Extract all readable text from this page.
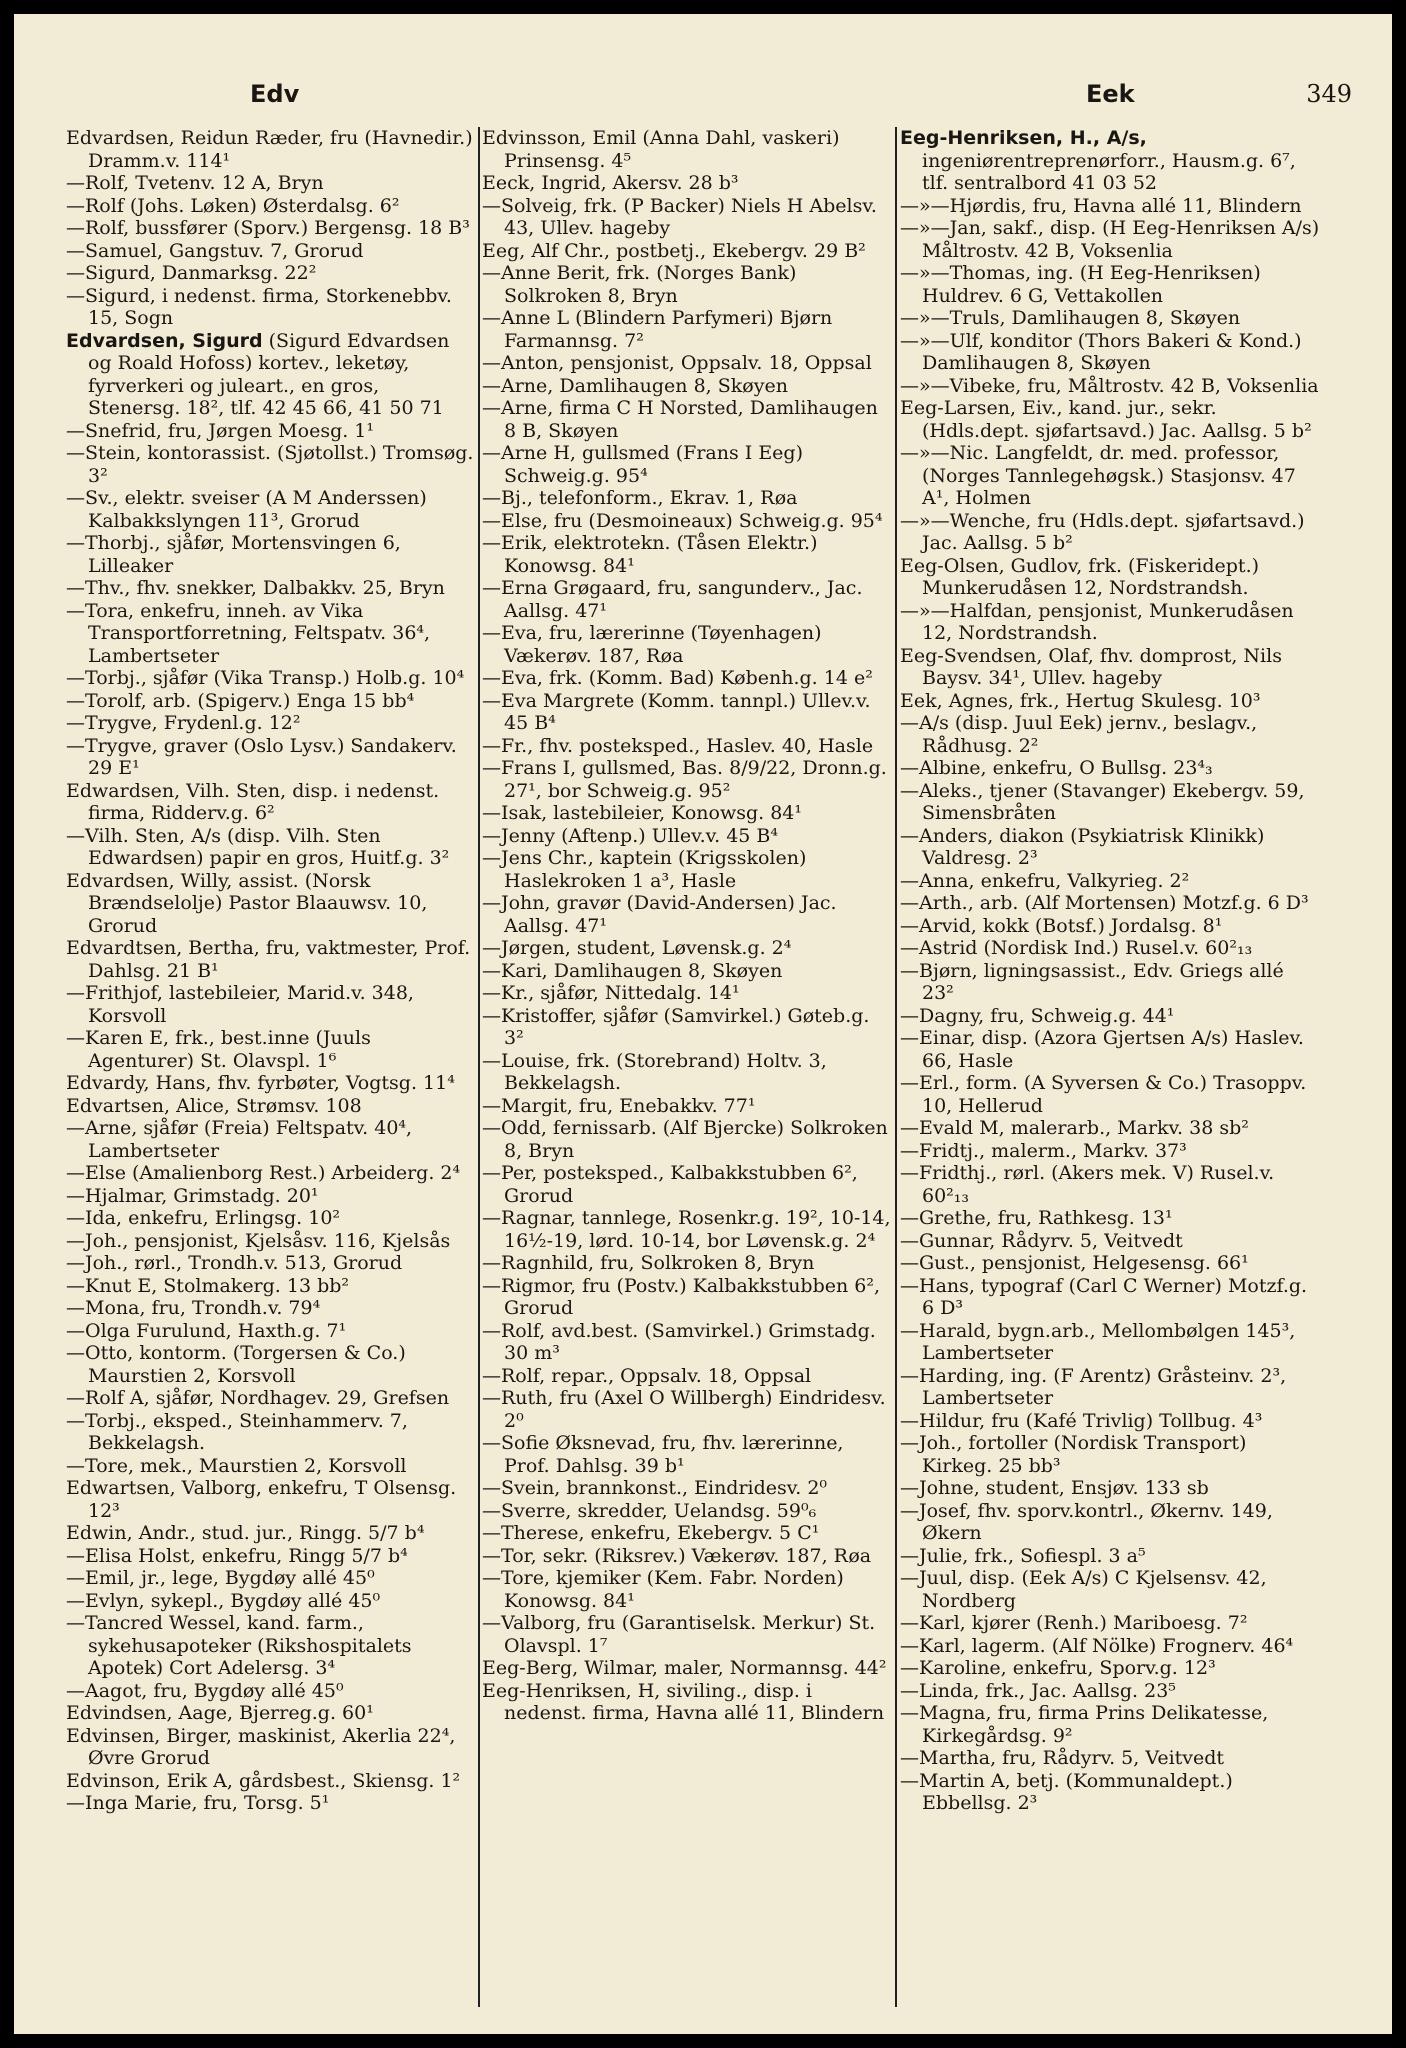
Edv	Eek	349
Edvardsen, Reidun Ræder, fru (Havnedir.) Dramm.v. 114¹
—Rolf, Tvetenv. 12 A, Bryn
—Rolf (Johs. Løken) Østerdalsg. 6²
—Rolf, bussfører (Sporv.) Bergensg. 18 B³
—Samuel, Gangstuv. 7, Grorud
—Sigurd, Danmarksg. 22²
—Sigurd, i nedenst. firma, Storkenebbv. 15, Sogn
Edvardsen, Sigurd (Sigurd Edvardsen og Roald Hofoss) kortev., leketøy, fyrverkeri og juleart., en gros, Stenersg. 18², tlf. 42 45 66, 41 50 71
—Snefrid, fru, Jørgen Moesg. 1¹
—Stein, kontorassist. (Sjøtollst.) Tromsøg. 3²
—Sv., elektr. sveiser (A M Anderssen) Kalbakkslyngen 11³, Grorud
—Thorbj., sjåfør, Mortensvingen 6, Lilleaker
—Thv., fhv. snekker, Dalbakkv. 25, Bryn
—Tora, enkefru, inneh. av Vika Transportforretning, Feltspatv. 36⁴, Lambertseter
—Torbj., sjåfør (Vika Transp.) Holb.g. 10⁴
—Torolf, arb. (Spigerv.) Enga 15 bb⁴
—Trygve, Frydenl.g. 12²
—Trygve, graver (Oslo Lysv.) Sandakerv. 29 E¹
Edwardsen, Vilh. Sten, disp. i nedenst. firma, Ridderv.g. 6²
—Vilh. Sten, A/s (disp. Vilh. Sten Edwardsen) papir en gros, Huitf.g. 3²
Edvardsen, Willy, assist. (Norsk Brændselolje) Pastor Blaauwsv. 10, Grorud
Edvardtsen, Bertha, fru, vaktmester, Prof. Dahlsg. 21 B¹
—Frithjof, lastebileier, Marid.v. 348, Korsvoll
—Karen E, frk., best.inne (Juuls Agenturer) St. Olavspl. 1⁶
Edvardy, Hans, fhv. fyrbøter, Vogtsg. 11⁴
Edvartsen, Alice, Strømsv. 108
—Arne, sjåfør (Freia) Feltspatv. 40⁴, Lambertseter
—Else (Amalienborg Rest.) Arbeiderg. 2⁴
—Hjalmar, Grimstadg. 20¹
—Ida, enkefru, Erlingsg. 10²
—Joh., pensjonist, Kjelsåsv. 116, Kjelsås
—Joh., rørl., Trondh.v. 513, Grorud
—Knut E, Stolmakerg. 13 bb²
—Mona, fru, Trondh.v. 79⁴
—Olga Furulund, Haxth.g. 7¹
—Otto, kontorm. (Torgersen & Co.) Maurstien 2, Korsvoll
—Rolf A, sjåfør, Nordhagev. 29, Grefsen
—Torbj., eksped., Steinhammerv. 7, Bekkelagsh.
—Tore, mek., Maurstien 2, Korsvoll
Edwartsen, Valborg, enkefru, T Olsensg. 12³
Edwin, Andr., stud. jur., Ringg. 5/7 b⁴
—Elisa Holst, enkefru, Ringg 5/7 b⁴
—Emil, jr., lege, Bygdøy allé 45⁰
—Evlyn, sykepl., Bygdøy allé 45⁰
—Tancred Wessel, kand. farm., sykehusapoteker (Rikshospitalets Apotek) Cort Adelersg. 3⁴
—Aagot, fru, Bygdøy allé 45⁰
Edvindsen, Aage, Bjerreg.g. 60¹
Edvinsen, Birger, maskinist, Akerlia 22⁴, Øvre Grorud
Edvinson, Erik A, gårdsbest., Skiensg. 1²
—Inga Marie, fru, Torsg. 5¹
Edvinsson, Emil (Anna Dahl, vaskeri) Prinsensg. 4⁵
Eeck, Ingrid, Akersv. 28 b³
—Solveig, frk. (P Backer) Niels H Abelsv. 43, Ullev. hageby
Eeg, Alf Chr., postbetj., Ekebergv. 29 B²
—Anne Berit, frk. (Norges Bank) Solkroken 8, Bryn
—Anne L (Blindern Parfymeri) Bjørn Farmannsg. 7²
—Anton, pensjonist, Oppsalv. 18, Oppsal
—Arne, Damlihaugen 8, Skøyen
—Arne, firma C H Norsted, Damlihaugen 8 B, Skøyen
—Arne H, gullsmed (Frans I Eeg) Schweig.g. 95⁴
—Bj., telefonform., Ekrav. 1, Røa
—Else, fru (Desmoineaux) Schweig.g. 95⁴
—Erik, elektrotekn. (Tåsen Elektr.) Konowsg. 84¹
—Erna Grøgaard, fru, sangunderv., Jac. Aallsg. 47¹
—Eva, fru, lærerinne (Tøyenhagen) Vækerøv. 187, Røa
—Eva, frk. (Komm. Bad) Københ.g. 14 e²
—Eva Margrete (Komm. tannpl.) Ullev.v. 45 B⁴
—Fr., fhv. posteksped., Haslev. 40, Hasle
—Frans I, gullsmed, Bas. 8/9/22, Dronn.g. 27¹, bor Schweig.g. 95²
—Isak, lastebileier, Konowsg. 84¹
—Jenny (Aftenp.) Ullev.v. 45 B⁴
—Jens Chr., kaptein (Krigsskolen) Haslekroken 1 a³, Hasle
—John, gravør (David-Andersen) Jac. Aallsg. 47¹
—Jørgen, student, Løvensk.g. 2⁴
—Kari, Damlihaugen 8, Skøyen
—Kr., sjåfør, Nittedalg. 14¹
—Kristoffer, sjåfør (Samvirkel.) Gøteb.g. 3²
—Louise, frk. (Storebrand) Holtv. 3, Bekkelagsh.
—Margit, fru, Enebakkv. 77¹
—Odd, fernissarb. (Alf Bjercke) Solkroken 8, Bryn
—Per, posteksped., Kalbakkstubben 6², Grorud
—Ragnar, tannlege, Rosenkr.g. 19², 10-14, 16½-19, lørd. 10-14, bor Løvensk.g. 2⁴
—Ragnhild, fru, Solkroken 8, Bryn
—Rigmor, fru (Postv.) Kalbakkstubben 6², Grorud
—Rolf, avd.best. (Samvirkel.) Grimstadg. 30 m³
—Rolf, repar., Oppsalv. 18, Oppsal
—Ruth, fru (Axel O Willbergh) Eindridesv. 2⁰
—Sofie Øksnevad, fru, fhv. lærerinne, Prof. Dahlsg. 39 b¹
—Svein, brannkonst., Eindridesv. 2⁰
—Sverre, skredder, Uelandsg. 59⁰₆
—Therese, enkefru, Ekebergv. 5 C¹
—Tor, sekr. (Riksrev.) Vækerøv. 187, Røa
—Tore, kjemiker (Kem. Fabr. Norden) Konowsg. 84¹
—Valborg, fru (Garantiselsk. Merkur) St. Olavspl. 1⁷
Eeg-Berg, Wilmar, maler, Normannsg. 44²
Eeg-Henriksen, H, siviling., disp. i nedenst. firma, Havna allé 11, Blindern
Eeg-Henriksen, H., A/s, ingeniørentreprenørforr., Hausm.g. 6⁷, tlf. sentralbord 41 03 52
—»—Hjørdis, fru, Havna allé 11, Blindern
—»—Jan, sakf., disp. (H Eeg-Henriksen A/s) Måltrostv. 42 B, Voksenlia
—»—Thomas, ing. (H Eeg-Henriksen) Huldrev. 6 G, Vettakollen
—»—Truls, Damlihaugen 8, Skøyen
—»—Ulf, konditor (Thors Bakeri & Kond.) Damlihaugen 8, Skøyen
—»—Vibeke, fru, Måltrostv. 42 B, Voksenlia
Eeg-Larsen, Eiv., kand. jur., sekr. (Hdls.dept. sjøfartsavd.) Jac. Aallsg. 5 b²
—»—Nic. Langfeldt, dr. med. professor, (Norges Tannlegehøgsk.) Stasjonsv. 47 A¹, Holmen
—»—Wenche, fru (Hdls.dept. sjøfartsavd.) Jac. Aallsg. 5 b²
Eeg-Olsen, Gudlov, frk. (Fiskeridept.) Munkerudåsen 12, Nordstrandsh.
—»—Halfdan, pensjonist, Munkerudåsen 12, Nordstrandsh.
Eeg-Svendsen, Olaf, fhv. domprost, Nils Baysv. 34¹, Ullev. hageby
Eek, Agnes, frk., Hertug Skulesg. 10³
—A/s (disp. Juul Eek) jernv., beslagv., Rådhusg. 2²
—Albine, enkefru, O Bullsg. 23⁴₃
—Aleks., tjener (Stavanger) Ekebergv. 59, Simensbråten
—Anders, diakon (Psykiatrisk Klinikk) Valdresg. 2³
—Anna, enkefru, Valkyrieg. 2²
—Arth., arb. (Alf Mortensen) Motzf.g. 6 D³
—Arvid, kokk (Botsf.) Jordalsg. 8¹
—Astrid (Nordisk Ind.) Rusel.v. 60²₁₃
—Bjørn, ligningsassist., Edv. Griegs allé 23²
—Dagny, fru, Schweig.g. 44¹
—Einar, disp. (Azora Gjertsen A/s) Haslev. 66, Hasle
—Erl., form. (A Syversen & Co.) Trasoppv. 10, Hellerud
—Evald M, malerarb., Markv. 38 sb²
—Fridtj., malerm., Markv. 37³
—Fridthj., rørl. (Akers mek. V) Rusel.v. 60²₁₃
—Grethe, fru, Rathkesg. 13¹
—Gunnar, Rådyrv. 5, Veitvedt
—Gust., pensjonist, Helgesensg. 66¹
—Hans, typograf (Carl C Werner) Motzf.g. 6 D³
—Harald, bygn.arb., Mellombølgen 145³, Lambertseter
—Harding, ing. (F Arentz) Gråsteinv. 2³, Lambertseter
—Hildur, fru (Kafé Trivlig) Tollbug. 4³
—Joh., fortoller (Nordisk Transport) Kirkeg. 25 bb³
—Johne, student, Ensjøv. 133 sb
—Josef, fhv. sporv.kontrl., Økernv. 149, Økern
—Julie, frk., Sofiespl. 3 a⁵
—Juul, disp. (Eek A/s) C Kjelsensv. 42, Nordberg
—Karl, kjører (Renh.) Mariboesg. 7²
—Karl, lagerm. (Alf Nölke) Frognerv. 46⁴
—Karoline, enkefru, Sporv.g. 12³
—Linda, frk., Jac. Aallsg. 23⁵
—Magna, fru, firma Prins Delikatesse, Kirkegårdsg. 9²
—Martha, fru, Rådyrv. 5, Veitvedt
—Martin A, betj. (Kommunaldept.) Ebbellsg. 2³
